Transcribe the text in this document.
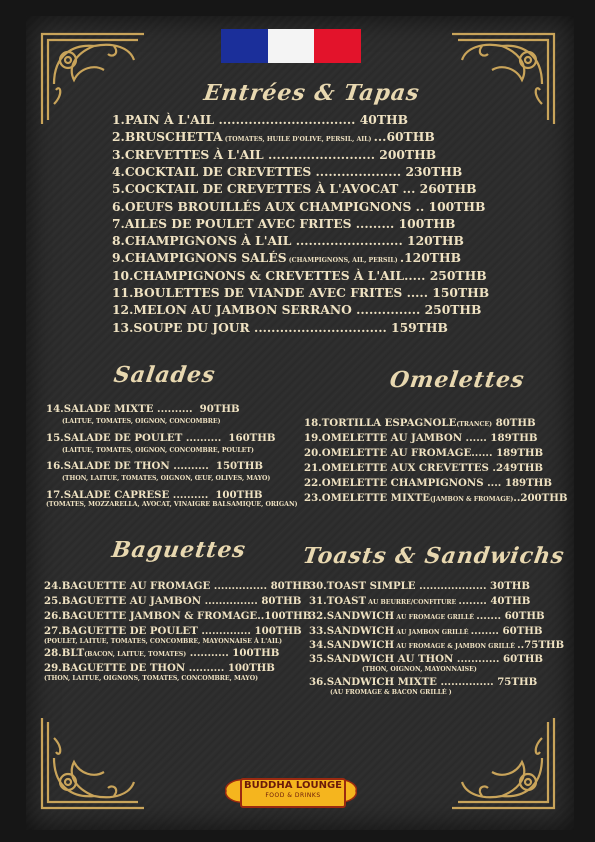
Entrées & Tapas
1.PAIN À L'AIL ................................ 40THB
2.BRUSCHETTA (TOMATES, HUILE D'OLIVE, PERSIL, AIL) ...60THB
3.CREVETTES À L'AIL ......................... 200THB
4.COCKTAIL DE CREVETTES .................... 230THB
5.COCKTAIL DE CREVETTES À L'AVOCAT ... 260THB
6.OEUFS BROUILLÉS AUX CHAMPIGNONS .. 100THB
7.AILES DE POULET AVEC FRITES ......... 100THB
8.CHAMPIGNONS À L'AIL ......................... 120THB
9.CHAMPIGNONS SALÉS (CHAMPIGNONS, AIL, PERSIL) .120THB
10.CHAMPIGNONS & CREVETTES À L'AIL..... 250THB
11.BOULETTES DE VIANDE AVEC FRITES ..... 150THB
12.MELON AU JAMBON SERRANO ............... 250THB
13.SOUPE DU JOUR ............................... 159THB
Salades
14.SALADE MIXTE ..........  90THB
(LAITUE, TOMATES, OIGNON, CONCOMBRE)
15.SALADE DE POULET ..........  160THB
(LAITUE, TOMATES, OIGNON, CONCOMBRE, POULET)
16.SALADE DE THON ..........  150THB
(THON, LAITUE, TOMATES, OIGNON, ŒUF, OLIVES, MAYO)
17.SALADE CAPRESE ..........  100THB
(TOMATES, MOZZARELLA, AVOCAT, VINAIGRE BALSAMIQUE, ORIGAN)
Omelettes
18.TORTILLA ESPAGNOLE(TRANCE) 80THB
19.OMELETTE AU JAMBON ...... 189THB
20.OMELETTE AU FROMAGE...... 189THB
21.OMELETTE AUX CREVETTES .249THB
22.OMELETTE CHAMPIGNONS .... 189THB
23.OMELETTE MIXTE(JAMBON & FROMAGE)..200THB
Baguettes
24.BAGUETTE AU FROMAGE ............... 80THB
25.BAGUETTE AU JAMBON ............... 80THB
26.BAGUETTE JAMBON & FROMAGE..100THB
27.BAGUETTE DE POULET .............. 100THB
28.BLT(BACON, LAITUE, TOMATES) ........... 100THB
29.BAGUETTE DE THON .......... 100THB
(POULET, LAITUE, TOMATES, CONCOMBRE, MAYONNAISE À L'AIL)
(THON, LAITUE, OIGNONS, TOMATES, CONCOMBRE, MAYO)
Toasts & Sandwichs
30.TOAST SIMPLE ................... 30THB
31.TOAST AU BEURRE/CONFITURE ........ 40THB
32.SANDWICH AU FROMAGE GRILLÉ ....... 60THB
33.SANDWICH AU JAMBON GRILLÉ ........ 60THB
34.SANDWICH AU FROMAGE & JAMBON GRILLÉ ..75THB
35.SANDWICH AU THON ............ 60THB
36.SANDWICH MIXTE ............... 75THB
(THON, OIGNON, MAYONNAISE)
(AU FROMAGE & BACON GRILLÉ )
BUDDHA LOUNGE
FOOD & DRINKS
